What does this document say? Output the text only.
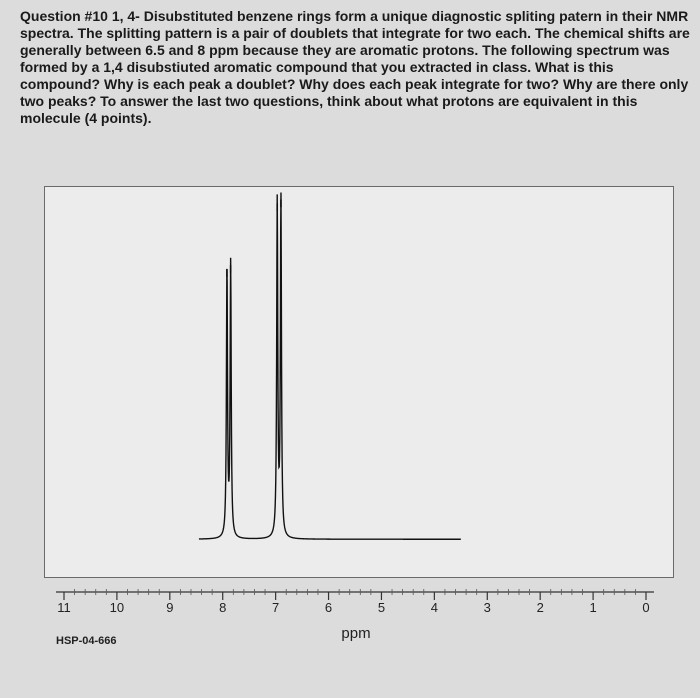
Question #10 1, 4- Disubstituted benzene rings form a unique diagnostic spliting patern in their NMR spectra. The splitting pattern is a pair of doublets that integrate for two each. The chemical shifts are generally between 6.5 and 8 ppm because they are aromatic protons. The following spectrum was formed by a 1,4 disubstiuted aromatic compound that you extracted in class. What is this compound? Why is each peak a doublet? Why does each peak integrate for two? Why are there only two peaks? To answer the last two questions, think about what protons are equivalent in this molecule (4 points).
11	10	9	8	7	6	5	4	3	2	1	0
ppm
HSP-04-666
